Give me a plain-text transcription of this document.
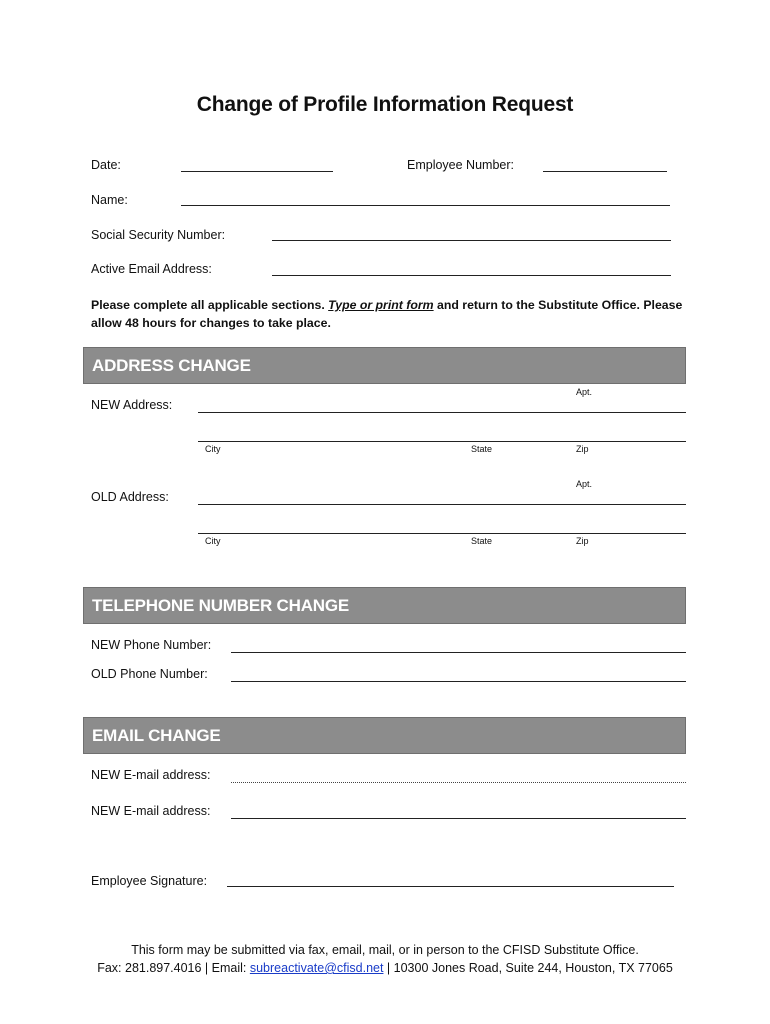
Change of Profile Information Request
Date:	Employee Number:
Name:
Social Security Number:
Active Email Address:
Please complete all applicable sections. Type or print form and return to the Substitute Office. Please allow 48 hours for changes to take place.
ADDRESS CHANGE
Apt.
NEW Address:
City	State	Zip
Apt.
OLD Address:
City	State	Zip
TELEPHONE NUMBER CHANGE
NEW Phone Number:
OLD Phone Number:
EMAIL CHANGE
NEW E-mail address:
NEW E-mail address:
Employee Signature:
This form may be submitted via fax, email, mail, or in person to the CFISD Substitute Office.
Fax: 281.897.4016 | Email: subreactivate@cfisd.net | 10300 Jones Road, Suite 244, Houston, TX 77065
